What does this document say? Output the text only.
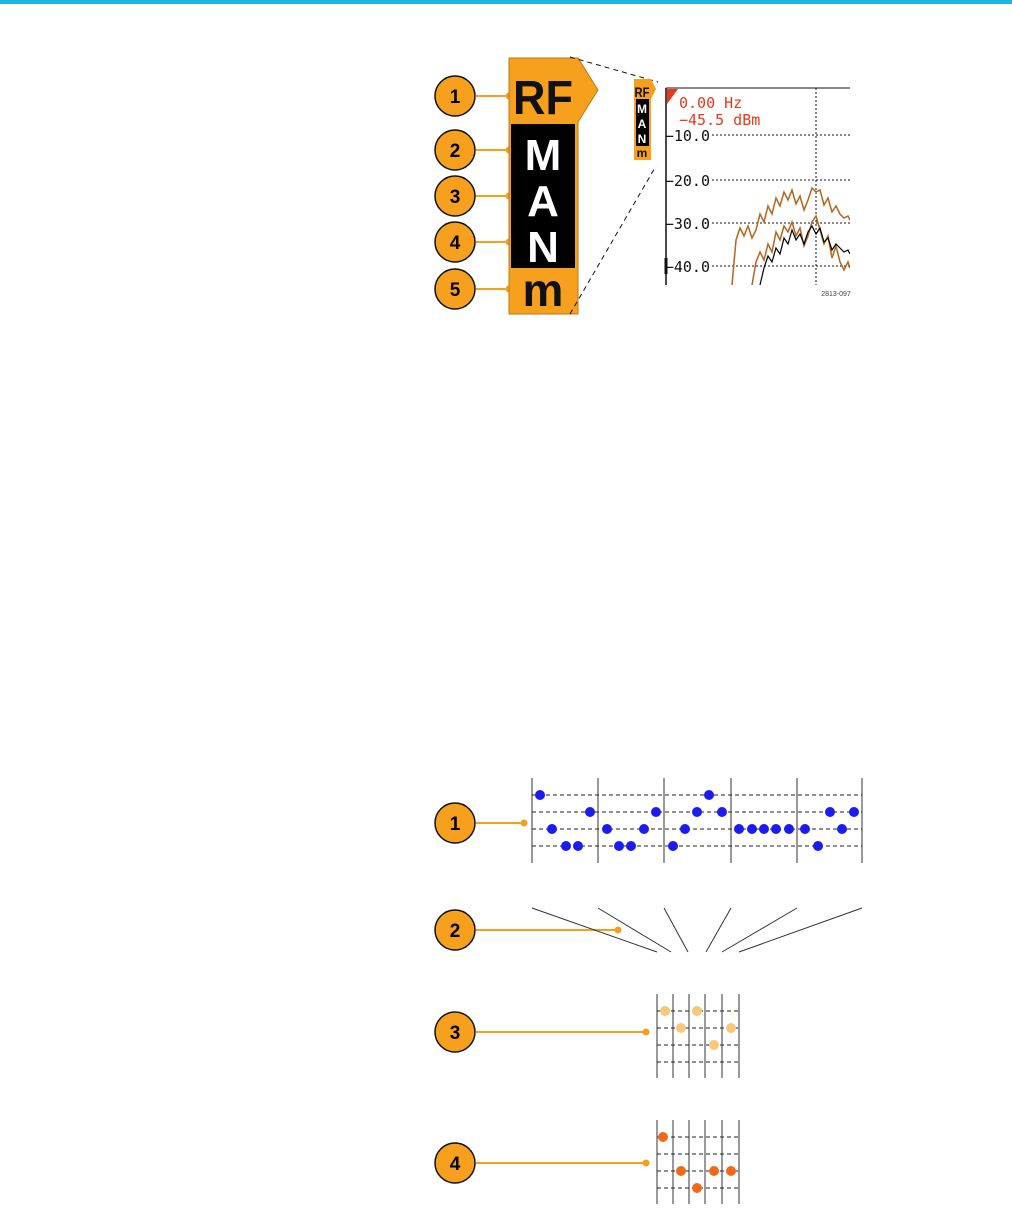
1
2
3
4
5
RF
M
A
N
m
RF
M
A
N
m
−10.0
−20.0
−30.0
−40.0
0.00 Hz
−45.5 dBm
2813-097
1
2
3
4
